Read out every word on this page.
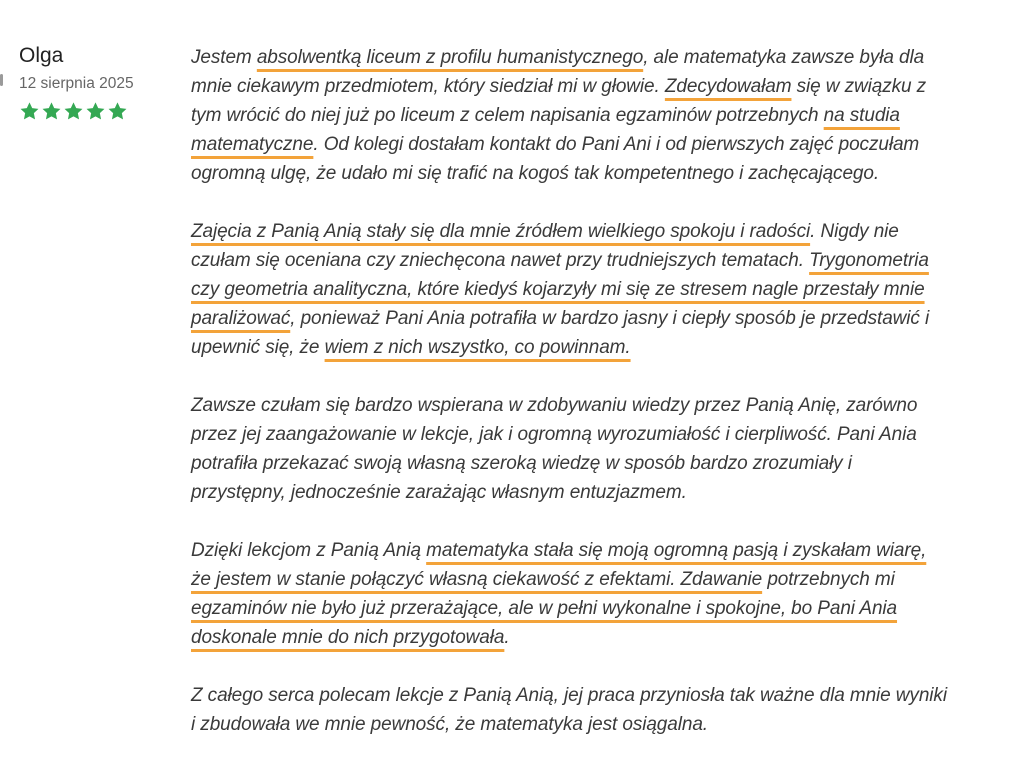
Olga
12 sierpnia 2025

Jestem absolwentką liceum z profilu humanistycznego, ale matematyka zawsze była dla mnie ciekawym przedmiotem, który siedział mi w głowie. Zdecydowałam się w związku z tym wrócić do niej już po liceum z celem napisania egzaminów potrzebnych na studia matematyczne. Od kolegi dostałam kontakt do Pani Ani i od pierwszych zajęć poczułam ogromną ulgę, że udało mi się trafić na kogoś tak kompetentnego i zachęcającego.

Zajęcia z Panią Anią stały się dla mnie źródłem wielkiego spokoju i radości. Nigdy nie czułam się oceniana czy zniechęcona nawet przy trudniejszych tematach. Trygonometria czy geometria analityczna, które kiedyś kojarzyły mi się ze stresem nagle przestały mnie paraliżować, ponieważ Pani Ania potrafiła w bardzo jasny i ciepły sposób je przedstawić i upewnić się, że wiem z nich wszystko, co powinnam.

Zawsze czułam się bardzo wspierana w zdobywaniu wiedzy przez Panią Anię, zarówno przez jej zaangażowanie w lekcje, jak i ogromną wyrozumiałość i cierpliwość. Pani Ania potrafiła przekazać swoją własną szeroką wiedzę w sposób bardzo zrozumiały i przystępny, jednocześnie zarażając własnym entuzjazmem.

Dzięki lekcjom z Panią Anią matematyka stała się moją ogromną pasją i zyskałam wiarę, że jestem w stanie połączyć własną ciekawość z efektami. Zdawanie potrzebnych mi egzaminów nie było już przerażające, ale w pełni wykonalne i spokojne, bo Pani Ania doskonale mnie do nich przygotowała.

Z całego serca polecam lekcje z Panią Anią, jej praca przyniosła tak ważne dla mnie wyniki i zbudowała we mnie pewność, że matematyka jest osiągalna.
